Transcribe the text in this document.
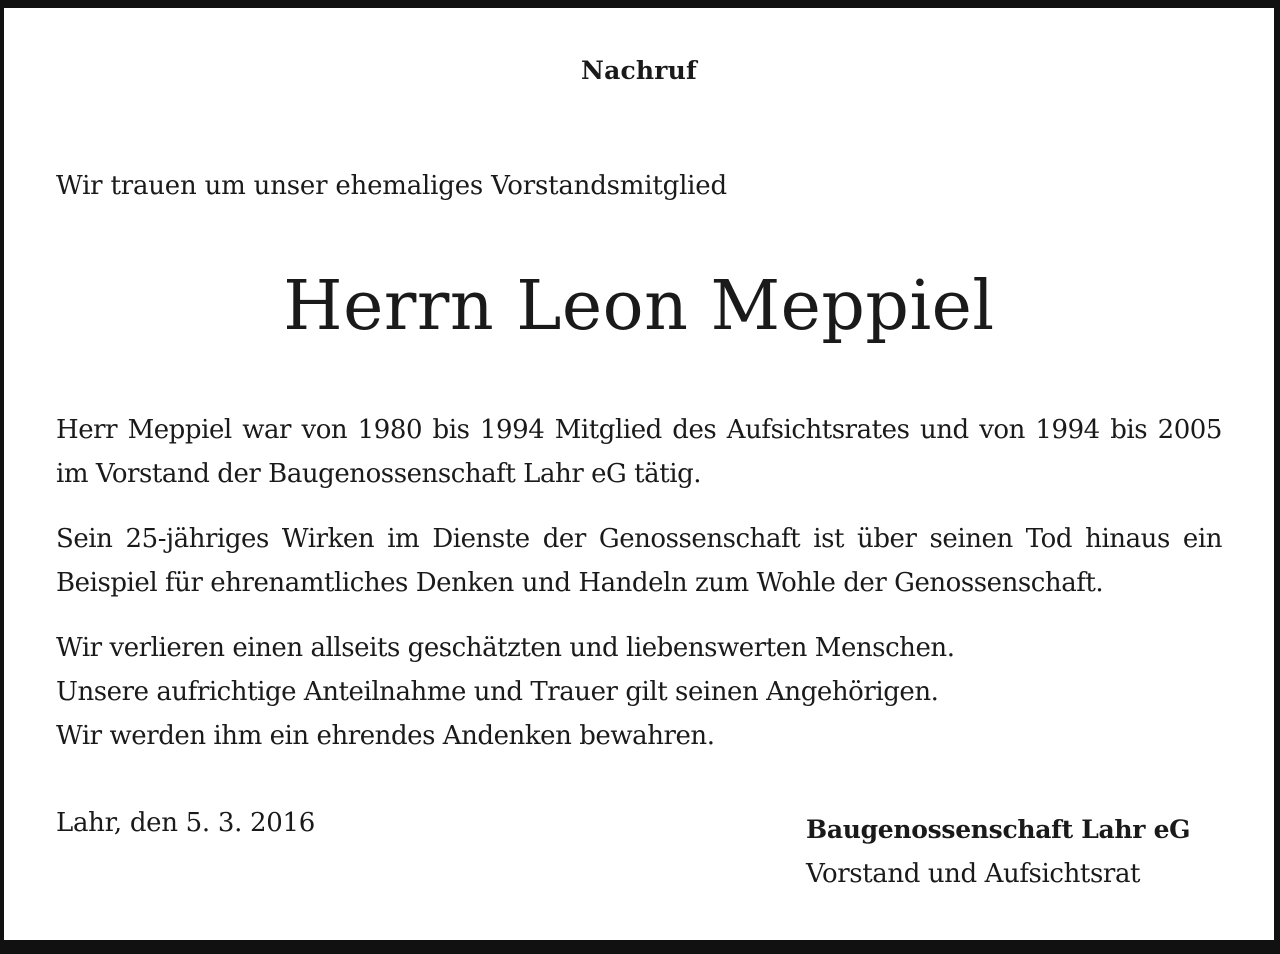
Nachruf
Wir trauen um unser ehemaliges Vorstandsmitglied
Herrn Leon Meppiel

Herr Meppiel war von 1980 bis 1994 Mitglied des Aufsichtsrates und von 1994 bis 2005 im Vorstand der Baugenossenschaft Lahr eG tätig.

Sein 25-jähriges Wirken im Dienste der Genossenschaft ist über seinen Tod hinaus ein Beispiel für ehrenamtliches Denken und Handeln zum Wohle der Genossenschaft.

Wir verlieren einen allseits geschätzten und liebenswerten Menschen.
Unsere aufrichtige Anteilnahme und Trauer gilt seinen Angehörigen.
Wir werden ihm ein ehrendes Andenken bewahren.

Lahr, den 5. 3. 2016	Baugenossenschaft Lahr eG
Vorstand und Aufsichtsrat
